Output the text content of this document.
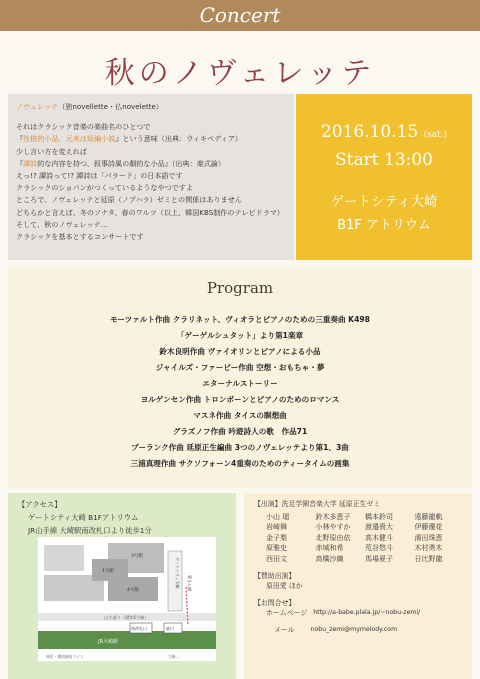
Concert
秋のノヴェレッテ
ノヴェレッテ（独novellette・仏novelette）
それはクラシック音楽の楽曲名のひとつで
『性格的小品、元来は短編小説』という意味（出典：ウィキペディア）
少し言い方を変えれば
『譚詩的な内容を持つ、叙事詩風の劇的な小品』（出典：楽式論）
えっ!? 譚詩って!? 譚詩は「バラード」の日本語です
クラシックのショパンがつくっているようなやつですよ
ところで、ノヴェレッテと延原（ノブハラ）ゼミとの関係はありません
どちらかと言えば、冬のソナタ、春のワルツ（以上、韓国KBS制作のテレビドラマ）
そして、秋のノヴェレッテ…
クラシックを基本とするコンサートです
2016.10.15 (sat.)
Start 13:00
ゲートシティ大崎
B1F アトリウム
Program
モーツァルト作曲 クラリネット、ヴィオラとピアノのための三重奏曲 K498
「ゲーゲルシュタット」より第1楽章
鈴木良明作曲 ヴァイオリンとピアノによる小品
ジャイルズ・ファービー作曲 空想・おもちゃ・夢
エターナルストーリー
ヨルゲンセン作曲 トロンボーンとピアノのためのロマンス
マスネ作曲 タイスの瞑想曲
グラズノフ作曲 吟遊詩人の歌　作品71
プーランク作曲 延原正生編曲 3つのノヴェレッテより第1、3曲
三浦真理作曲 サクソフォーン4重奏のためのティータイムの画集
【アクセス】
ゲートシティ大崎 B1Fアトリウム
JR山手線 大崎駅南改札口より徒歩1分
3号館
1号館
4号館
山手通り（環状6号線）
南改札口	東口
夢さん橋
ゲートシティ大崎
JR大崎駅
埼京・湘南新宿ライン	大崎…
【出演】洗足学園音楽大学 延原正生ゼミ
小山 瑠	鈴木多恵子	橋本鈴司	遠藤龍軌
岩崎舞	小林やすか	渡邉貴大	伊藤優花
金子梨	北野原由依	高木健斗	濱田珠恵
原雅史	赤城和希	荒谷悠斗	木村勇木
西田文	高橋沙織	馬場夏子	日比野龍
【賛助出演】
原田愛 ほか
【お問合せ】
ホームページ http://a-babe.plala.jp/~nobu-zemi/
メール	nobu_zemi@mymelody.com
